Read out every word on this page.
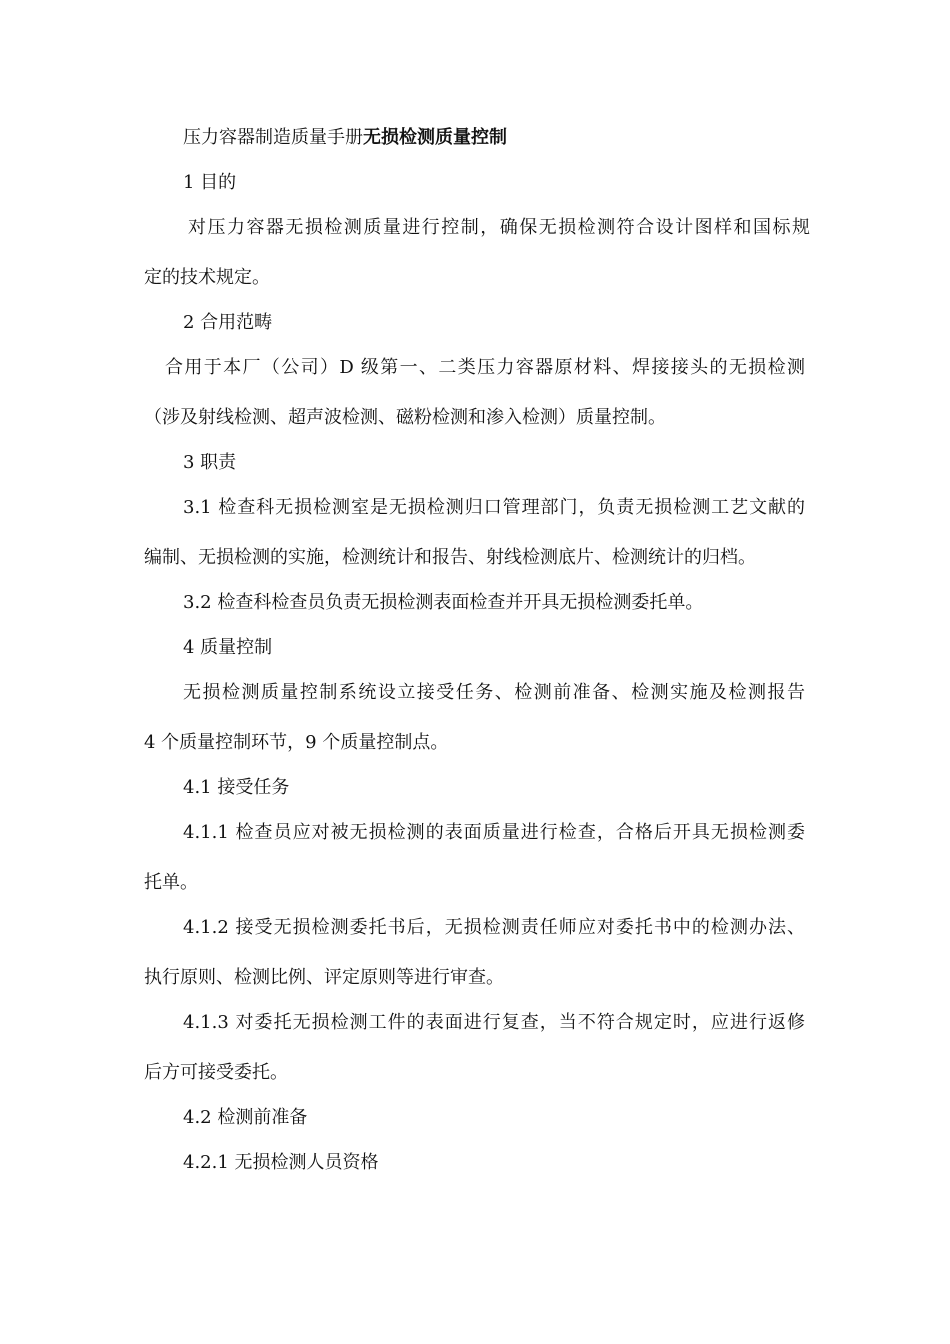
压力容器制造质量手册无损检测质量控制
1 目的
对压力容器无损检测质量进行控制，确保无损检测符合设计图样和国标规
定的技术规定。
2 合用范畴
合用于本厂（公司）D 级第一、二类压力容器原材料、焊接接头的无损检测
（涉及射线检测、超声波检测、磁粉检测和渗入检测）质量控制。
3 职责
3.1 检查科无损检测室是无损检测归口管理部门，负责无损检测工艺文献的
编制、无损检测的实施，检测统计和报告、射线检测底片、检测统计的归档。
3.2 检查科检查员负责无损检测表面检查并开具无损检测委托单。
4 质量控制
无损检测质量控制系统设立接受任务、检测前准备、检测实施及检测报告
4 个质量控制环节，9 个质量控制点。
4.1 接受任务
4.1.1 检查员应对被无损检测的表面质量进行检查，合格后开具无损检测委
托单。
4.1.2 接受无损检测委托书后，无损检测责任师应对委托书中的检测办法、
执行原则、检测比例、评定原则等进行审查。
4.1.3 对委托无损检测工件的表面进行复查，当不符合规定时，应进行返修
后方可接受委托。
4.2 检测前准备
4.2.1 无损检测人员资格
